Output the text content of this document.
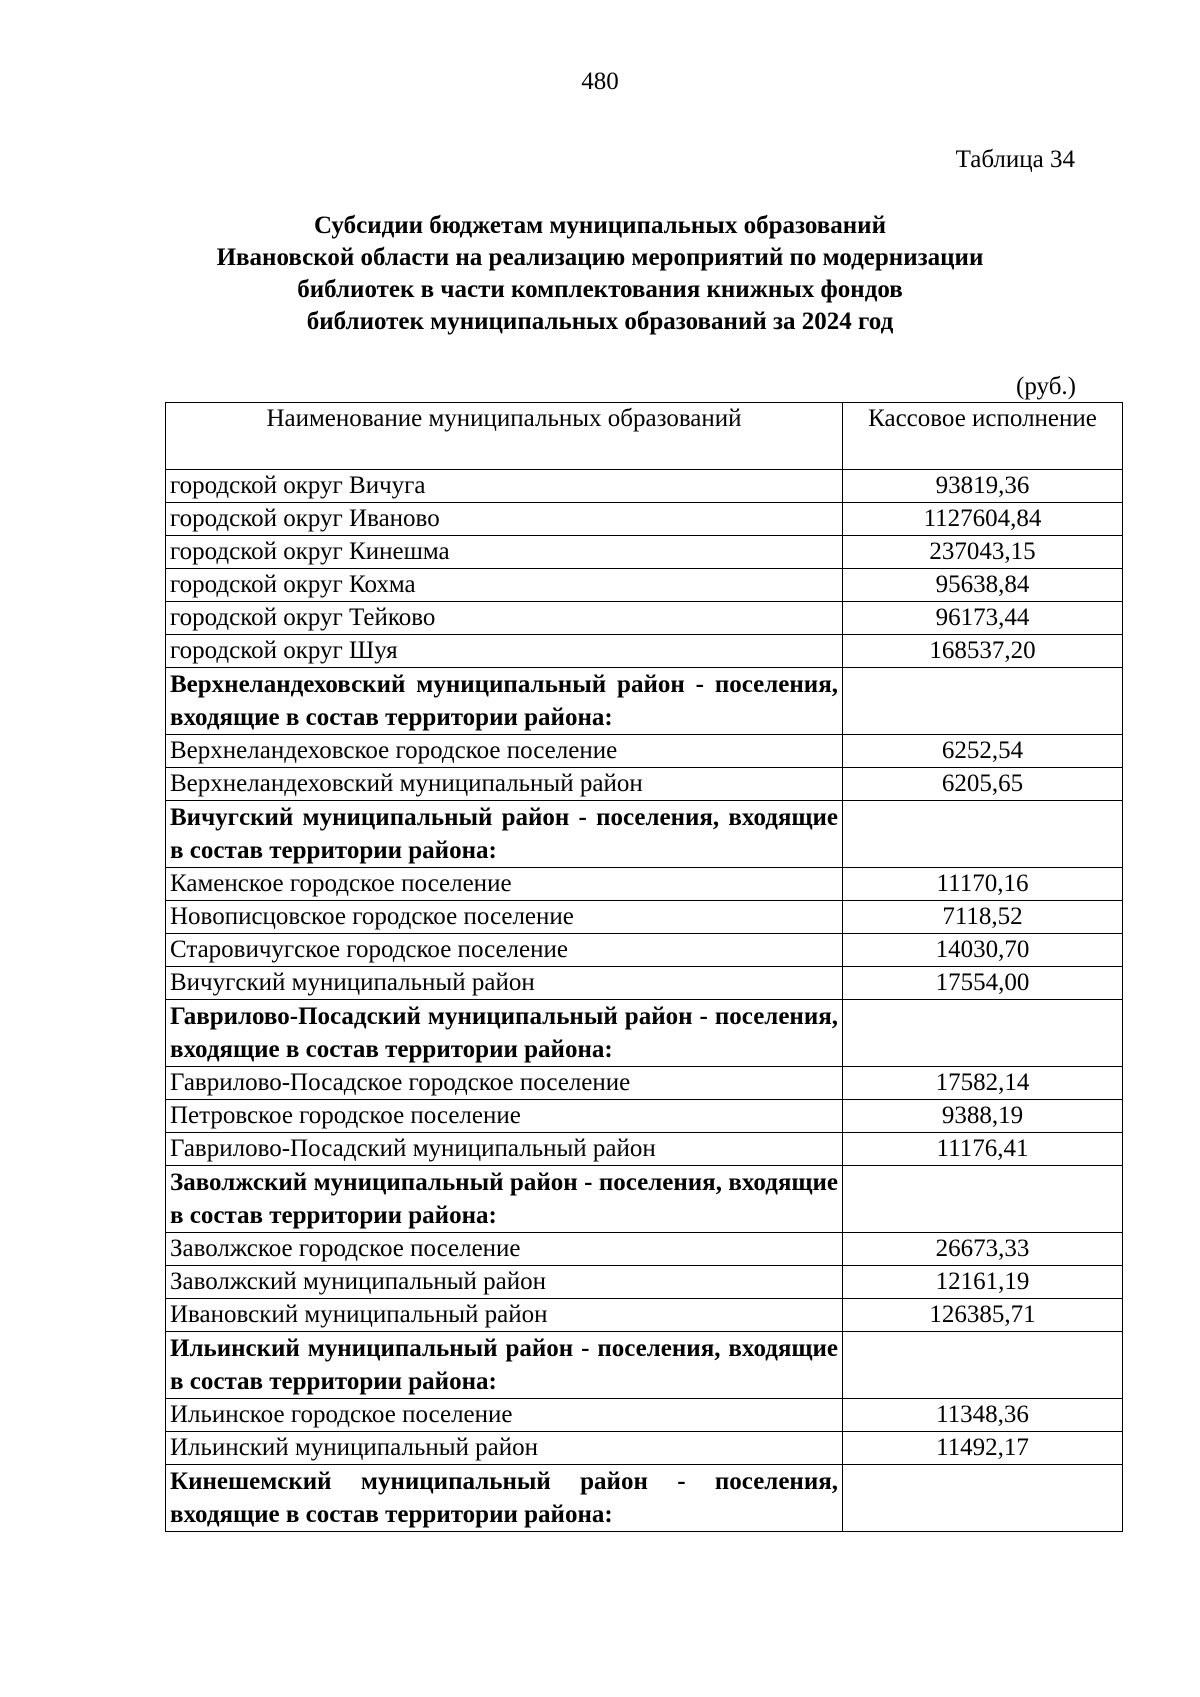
480
Таблица 34
Субсидии бюджетам муниципальных образований
Ивановской области на реализацию мероприятий по модернизации
библиотек в части комплектования книжных фондов
библиотек муниципальных образований за 2024 год
(руб.)
Наименование муниципальных образований	Кассовое исполнение
городской округ Вичуга	93819,36
городской округ Иваново	1127604,84
городской округ Кинешма	237043,15
городской округ Кохма	95638,84
городской округ Тейково	96173,44
городской округ Шуя	168537,20
Верхнеландеховский муниципальный район - поселения, входящие в состав территории района:	
Верхнеландеховское городское поселение	6252,54
Верхнеландеховский муниципальный район	6205,65
Вичугский муниципальный район - поселения, входящие в состав территории района:	
Каменское городское поселение	11170,16
Новописцовское городское поселение	7118,52
Старовичугское городское поселение	14030,70
Вичугский муниципальный район	17554,00
Гаврилово-Посадский муниципальный район - поселения, входящие в состав территории района:	
Гаврилово-Посадское городское поселение	17582,14
Петровское городское поселение	9388,19
Гаврилово-Посадский муниципальный район	11176,41
Заволжский муниципальный район - поселения, входящие в состав территории района:	
Заволжское городское поселение	26673,33
Заволжский муниципальный район	12161,19
Ивановский муниципальный район	126385,71
Ильинский муниципальный район - поселения, входящие в состав территории района:	
Ильинское городское поселение	11348,36
Ильинский муниципальный район	11492,17
Кинешемский муниципальный район - поселения, входящие в состав территории района:	
